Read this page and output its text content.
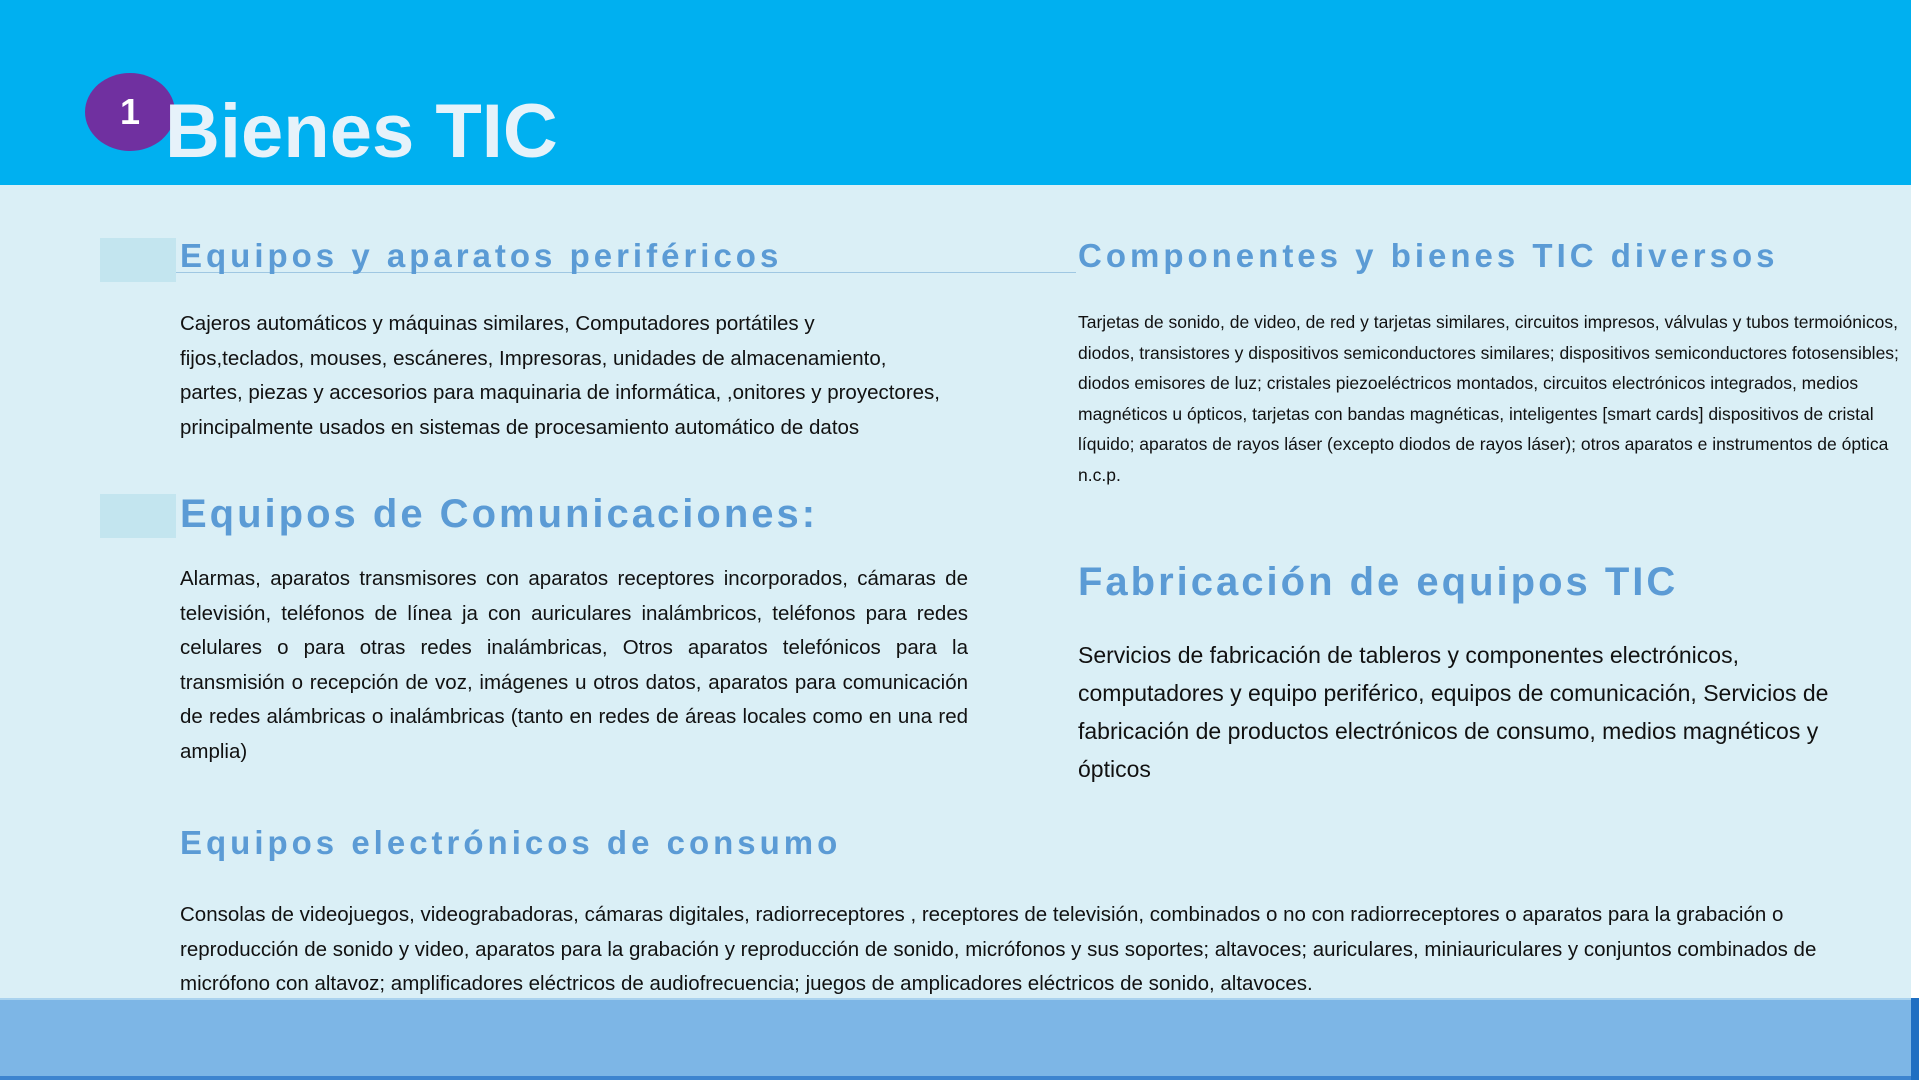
1 Bienes TIC
Equipos y aparatos periféricos
Cajeros automáticos y máquinas similares, Computadores portátiles y fijos,teclados, mouses, escáneres, Impresoras, unidades de almacenamiento, partes, piezas y accesorios para maquinaria de informática, ,onitores y proyectores, principalmente usados en sistemas de procesamiento automático de datos
Equipos de Comunicaciones:
Alarmas, aparatos transmisores con aparatos receptores incorporados, cámaras de televisión, teléfonos de línea ja con auriculares inalámbricos, teléfonos para redes celulares o para otras redes inalámbricas, Otros aparatos telefónicos para la transmisión o recepción de voz, imágenes u otros datos, aparatos para comunicación de redes alámbricas o inalámbricas (tanto en redes de áreas locales como en una red amplia)
Componentes y bienes TIC diversos
Tarjetas de sonido, de video, de red y tarjetas similares, circuitos impresos, válvulas y tubos termoiónicos, diodos, transistores y dispositivos semiconductores similares; dispositivos semiconductores fotosensibles; diodos emisores de luz; cristales piezoeléctricos montados, circuitos electrónicos integrados, medios magnéticos u ópticos, tarjetas con bandas magnéticas, inteligentes [smart cards] dispositivos de cristal líquido; aparatos de rayos láser (excepto diodos de rayos láser); otros aparatos e instrumentos de óptica n.c.p.
Fabricación de equipos TIC
Servicios de fabricación de tableros y componentes electrónicos, computadores y equipo periférico, equipos de comunicación, Servicios de fabricación de productos electrónicos de consumo, medios magnéticos y ópticos
Equipos electrónicos de consumo
Consolas de videojuegos, videograbadoras, cámaras digitales, radiorreceptores , receptores de televisión, combinados o no con radiorreceptores o aparatos para la grabación o reproducción de sonido y video, aparatos para la grabación y reproducción de sonido, micrófonos y sus soportes; altavoces; auriculares, miniauriculares y conjuntos combinados de micrófono con altavoz; amplificadores eléctricos de audiofrecuencia; juegos de amplicadores eléctricos de sonido, altavoces.
